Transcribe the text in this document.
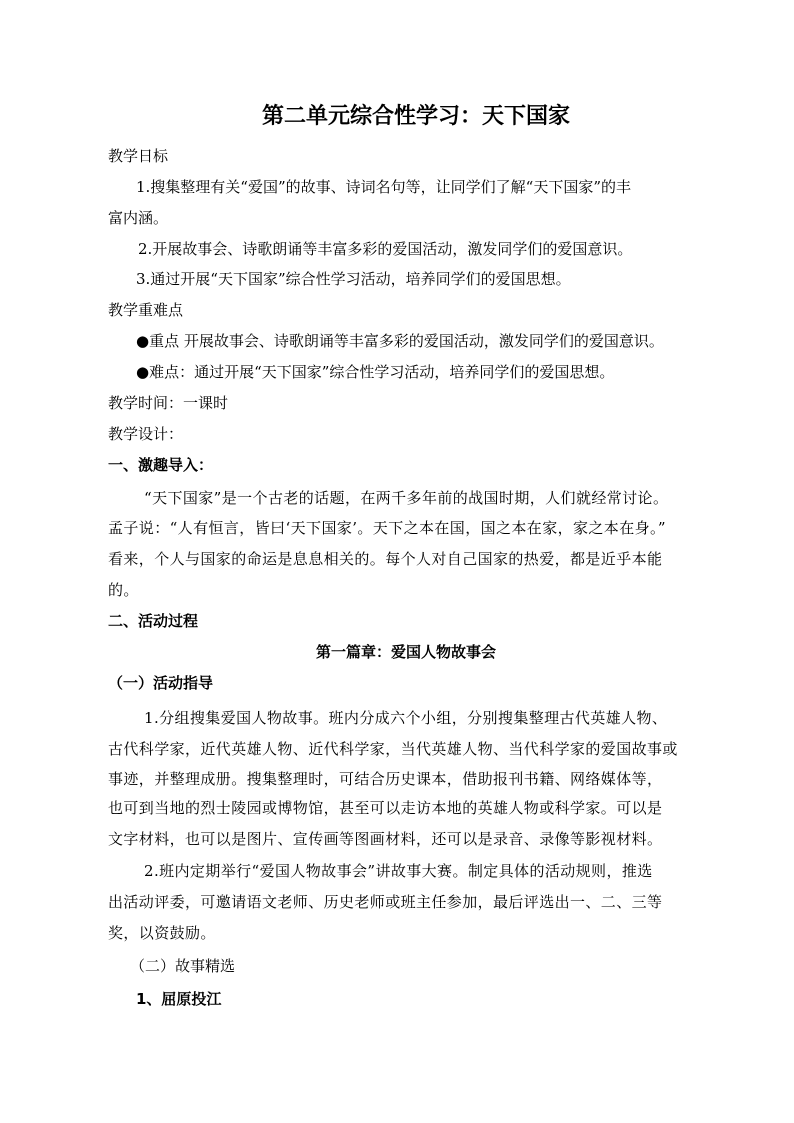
第二单元综合性学习：天下国家
教学日标
1.搜集整理有关“爱国”的故事、诗词名句等，让同学们了解“天下国家”的丰
富内涵。
2.开展故事会、诗歌朗诵等丰富多彩的爱国活动，激发同学们的爱国意识。
3.通过开展“天下国家”综合性学习活动，培养同学们的爱国思想。
教学重难点
●重点 开展故事会、诗歌朗诵等丰富多彩的爱国活动，激发同学们的爱国意识。
●难点：通过开展“天下国家”综合性学习活动，培养同学们的爱国思想。
教学时间：一课时
教学设计：
一、激趣导入：
“天下国家”是一个古老的话题，在两千多年前的战国时期，人们就经常讨论。
孟子说：“人有恒言，皆曰‘天下国家’。天下之本在国，国之本在家，家之本在身。”
看来，个人与国家的命运是息息相关的。每个人对自己国家的热爱，都是近乎本能
的。
二、活动过程
第一篇章：爱国人物故事会
（一）活动指导
1.分组搜集爱国人物故事。班内分成六个小组，分别搜集整理古代英雄人物、
古代科学家，近代英雄人物、近代科学家，当代英雄人物、当代科学家的爱国故事或
事迹，并整理成册。搜集整理时，可结合历史课本，借助报刊书籍、网络媒体等，
也可到当地的烈士陵园或博物馆，甚至可以走访本地的英雄人物或科学家。可以是
文字材料，也可以是图片、宣传画等图画材料，还可以是录音、录像等影视材料。
2.班内定期举行“爱国人物故事会”讲故事大赛。制定具体的活动规则，推选
出活动评委，可邀请语文老师、历史老师或班主任参加，最后评选出一、二、三等
奖，以资鼓励。
（二）故事精选
1、屈原投江
